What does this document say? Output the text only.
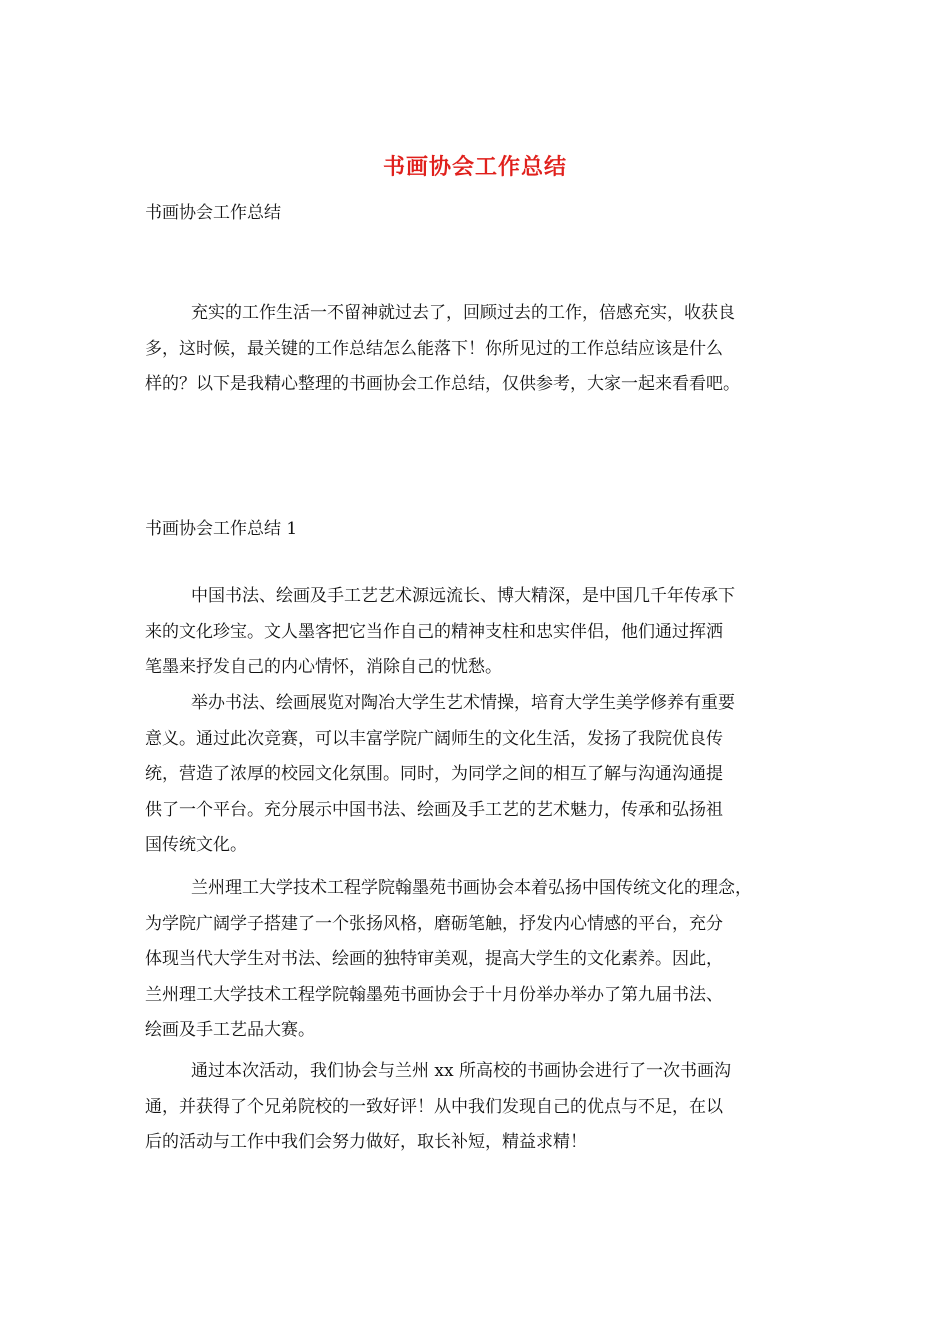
书画协会工作总结
书画协会工作总结
充实的工作生活一不留神就过去了，回顾过去的工作，倍感充实，收获良
多，这时候，最关键的工作总结怎么能落下！你所见过的工作总结应该是什么
样的？以下是我精心整理的书画协会工作总结，仅供参考，大家一起来看看吧。
书画协会工作总结 1
中国书法、绘画及手工艺艺术源远流长、博大精深，是中国几千年传承下
来的文化珍宝。文人墨客把它当作自己的精神支柱和忠实伴侣，他们通过挥洒
笔墨来抒发自己的内心情怀，消除自己的忧愁。
举办书法、绘画展览对陶冶大学生艺术情操，培育大学生美学修养有重要
意义。通过此次竞赛，可以丰富学院广阔师生的文化生活，发扬了我院优良传
统，营造了浓厚的校园文化氛围。同时，为同学之间的相互了解与沟通沟通提
供了一个平台。充分展示中国书法、绘画及手工艺的艺术魅力，传承和弘扬祖
国传统文化。
兰州理工大学技术工程学院翰墨苑书画协会本着弘扬中国传统文化的理念，
为学院广阔学子搭建了一个张扬风格，磨砺笔触，抒发内心情感的平台，充分
体现当代大学生对书法、绘画的独特审美观，提高大学生的文化素养。因此，
兰州理工大学技术工程学院翰墨苑书画协会于十月份举办举办了第九届书法、
绘画及手工艺品大赛。
通过本次活动，我们协会与兰州 xx 所高校的书画协会进行了一次书画沟
通，并获得了个兄弟院校的一致好评！从中我们发现自己的优点与不足，在以
后的活动与工作中我们会努力做好，取长补短，精益求精！
